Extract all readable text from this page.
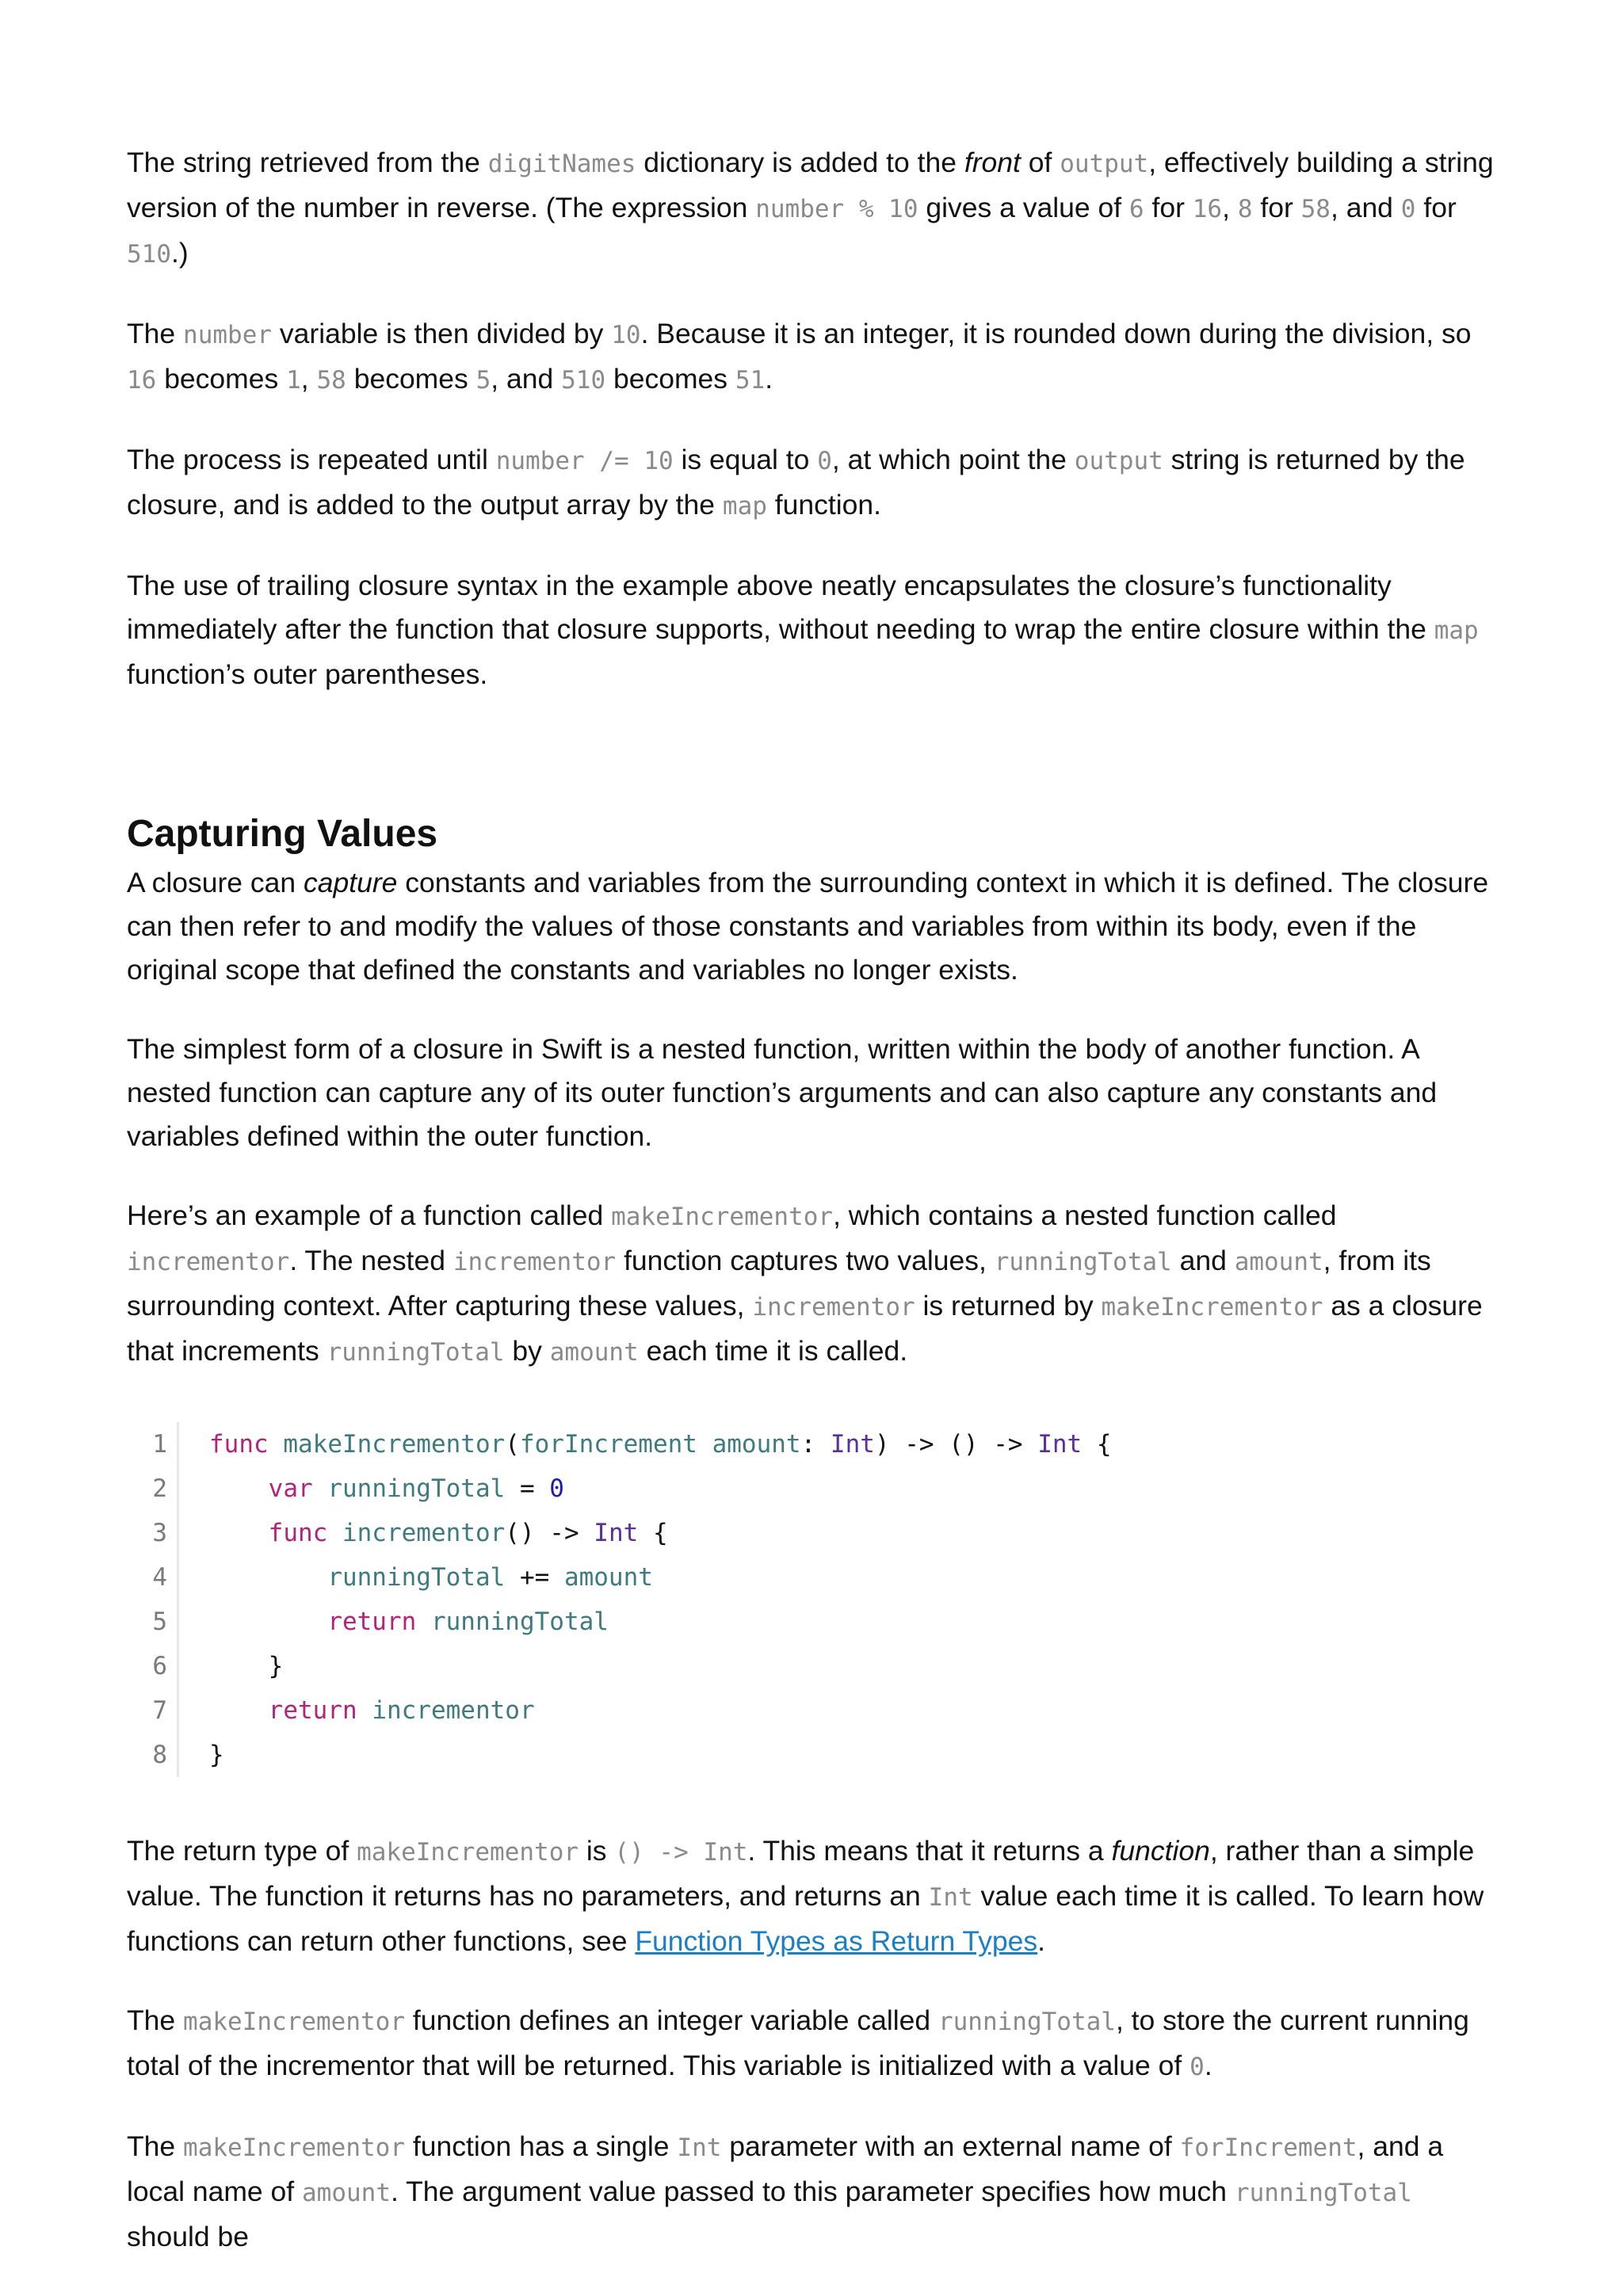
The string retrieved from the digitNames dictionary is added to the front of output, effectively building a string version of the number in reverse. (The expression number % 10 gives a value of 6 for 16, 8 for 58, and 0 for 510.)

The number variable is then divided by 10. Because it is an integer, it is rounded down during the division, so 16 becomes 1, 58 becomes 5, and 510 becomes 51.

The process is repeated until number /= 10 is equal to 0, at which point the output string is returned by the closure, and is added to the output array by the map function.

The use of trailing closure syntax in the example above neatly encapsulates the closure’s functionality immediately after the function that closure supports, without needing to wrap the entire closure within the map function’s outer parentheses.

Capturing Values

A closure can capture constants and variables from the surrounding context in which it is defined. The closure can then refer to and modify the values of those constants and variables from within its body, even if the original scope that defined the constants and variables no longer exists.

The simplest form of a closure in Swift is a nested function, written within the body of another function. A nested function can capture any of its outer function’s arguments and can also capture any constants and variables defined within the outer function.

Here’s an example of a function called makeIncrementor, which contains a nested function called incrementor. The nested incrementor function captures two values, runningTotal and amount, from its surrounding context. After capturing these values, incrementor is returned by makeIncrementor as a closure that increments runningTotal by amount each time it is called.

1
2
3
4
5
6
7
8
func makeIncrementor(forIncrement amount: Int) -> () -> Int {
var runningTotal = 0
func incrementor() -> Int {
runningTotal += amount
return runningTotal
}
return incrementor
}

The return type of makeIncrementor is () -> Int. This means that it returns a function, rather than a simple value. The function it returns has no parameters, and returns an Int value each time it is called. To learn how functions can return other functions, see Function Types as Return Types.

The makeIncrementor function defines an integer variable called runningTotal, to store the current running total of the incrementor that will be returned. This variable is initialized with a value of 0.

The makeIncrementor function has a single Int parameter with an external name of forIncrement, and a local name of amount. The argument value passed to this parameter specifies how much runningTotal should be
